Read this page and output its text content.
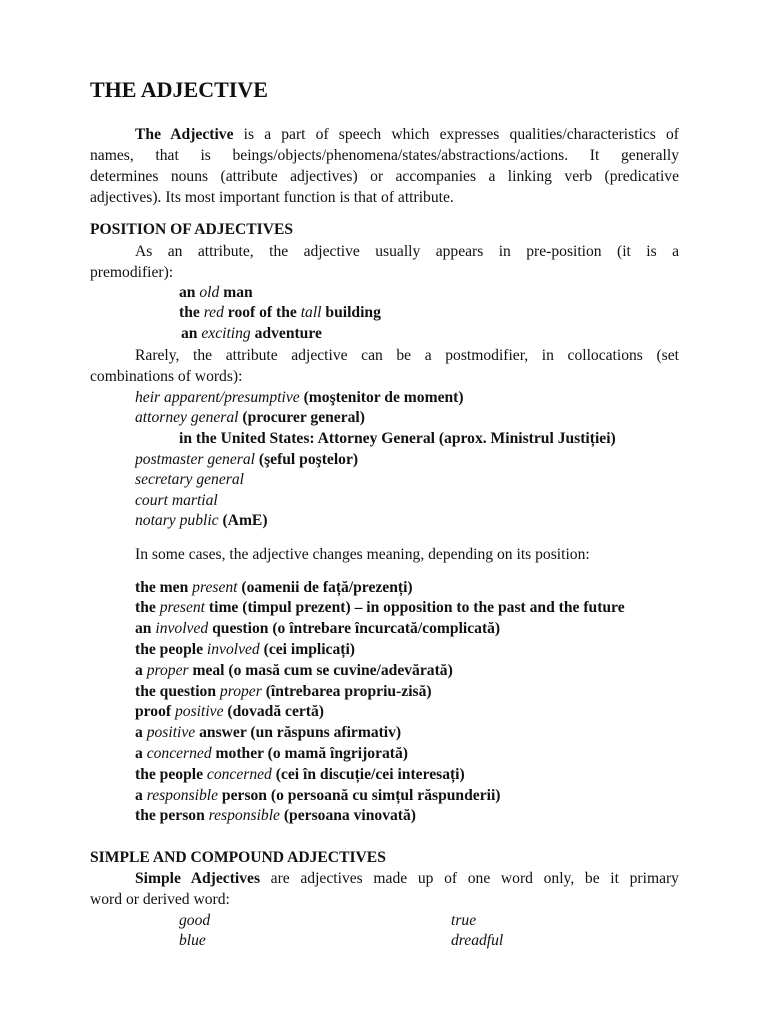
THE ADJECTIVE
The Adjective is a part of speech which expresses qualities/characteristics of
names, that is beings/objects/phenomena/states/abstractions/actions. It generally
determines nouns (attribute adjectives) or accompanies a linking verb (predicative
adjectives). Its most important function is that of attribute.
POSITION OF ADJECTIVES
As an attribute, the adjective usually appears in pre-position (it is a
premodifier):
an old man
the red roof of the tall building
an exciting adventure
Rarely, the attribute adjective can be a postmodifier, in collocations (set
combinations of words):
heir apparent/presumptive (moştenitor de moment)
attorney general (procurer general)
in the United States: Attorney General (aprox. Ministrul Justiției)
postmaster general (şeful poştelor)
secretary general
court martial
notary public (AmE)
In some cases, the adjective changes meaning, depending on its position:
the men present (oamenii de față/prezenți)
the present time (timpul prezent) – in opposition to the past and the future
an involved question (o întrebare încurcată/complicată)
the people involved (cei implicați)
a proper meal (o masă cum se cuvine/adevărată)
the question proper (întrebarea propriu-zisă)
proof positive (dovadă certă)
a positive answer (un răspuns afirmativ)
a concerned mother (o mamă îngrijorată)
the people concerned (cei în discuție/cei interesați)
a responsible person (o persoană cu simțul răspunderii)
the person responsible (persoana vinovată)
SIMPLE AND COMPOUND ADJECTIVES
Simple Adjectives are adjectives made up of one word only, be it primary
word or derived word:
good	true
blue	dreadful
